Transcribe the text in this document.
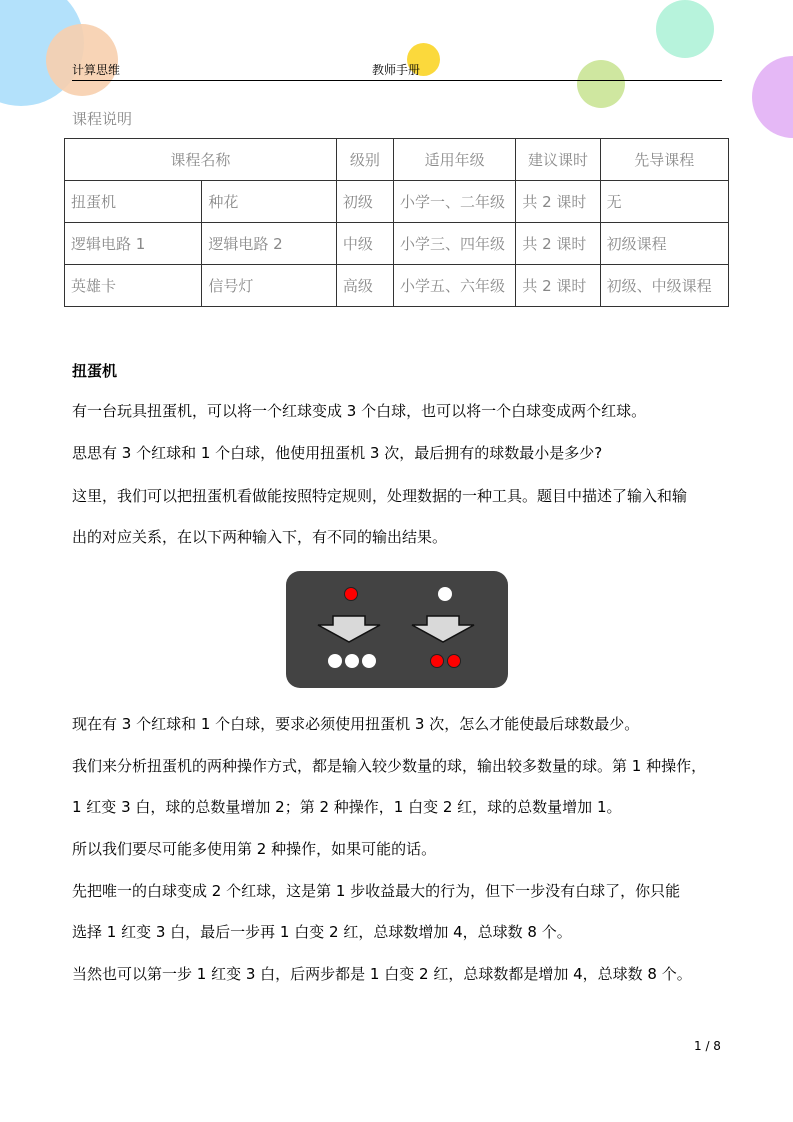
计算思维	教师手册
课程说明
课程名称		级别	适用年级	建议课时	先导课程
扭蛋机	种花	初级	小学一、二年级	共 2 课时	无
逻辑电路 1	逻辑电路 2	中级	小学三、四年级	共 2 课时	初级课程
英雄卡	信号灯	高级	小学五、六年级	共 2 课时	初级、中级课程
扭蛋机
有一台玩具扭蛋机，可以将一个红球变成 3 个白球，也可以将一个白球变成两个红球。
思思有 3 个红球和 1 个白球，他使用扭蛋机 3 次，最后拥有的球数最小是多少?
这里，我们可以把扭蛋机看做能按照特定规则，处理数据的一种工具。题目中描述了输入和输
出的对应关系，在以下两种输入下，有不同的输出结果。
现在有 3 个红球和 1 个白球，要求必须使用扭蛋机 3 次，怎么才能使最后球数最少。
我们来分析扭蛋机的两种操作方式，都是输入较少数量的球，输出较多数量的球。第 1 种操作，
1 红变 3 白，球的总数量增加 2；第 2 种操作，1 白变 2 红，球的总数量增加 1。
所以我们要尽可能多使用第 2 种操作，如果可能的话。
先把唯一的白球变成 2 个红球，这是第 1 步收益最大的行为，但下一步没有白球了，你只能
选择 1 红变 3 白，最后一步再 1 白变 2 红，总球数增加 4，总球数 8 个。
当然也可以第一步 1 红变 3 白，后两步都是 1 白变 2 红，总球数都是增加 4，总球数 8 个。
1 / 8
